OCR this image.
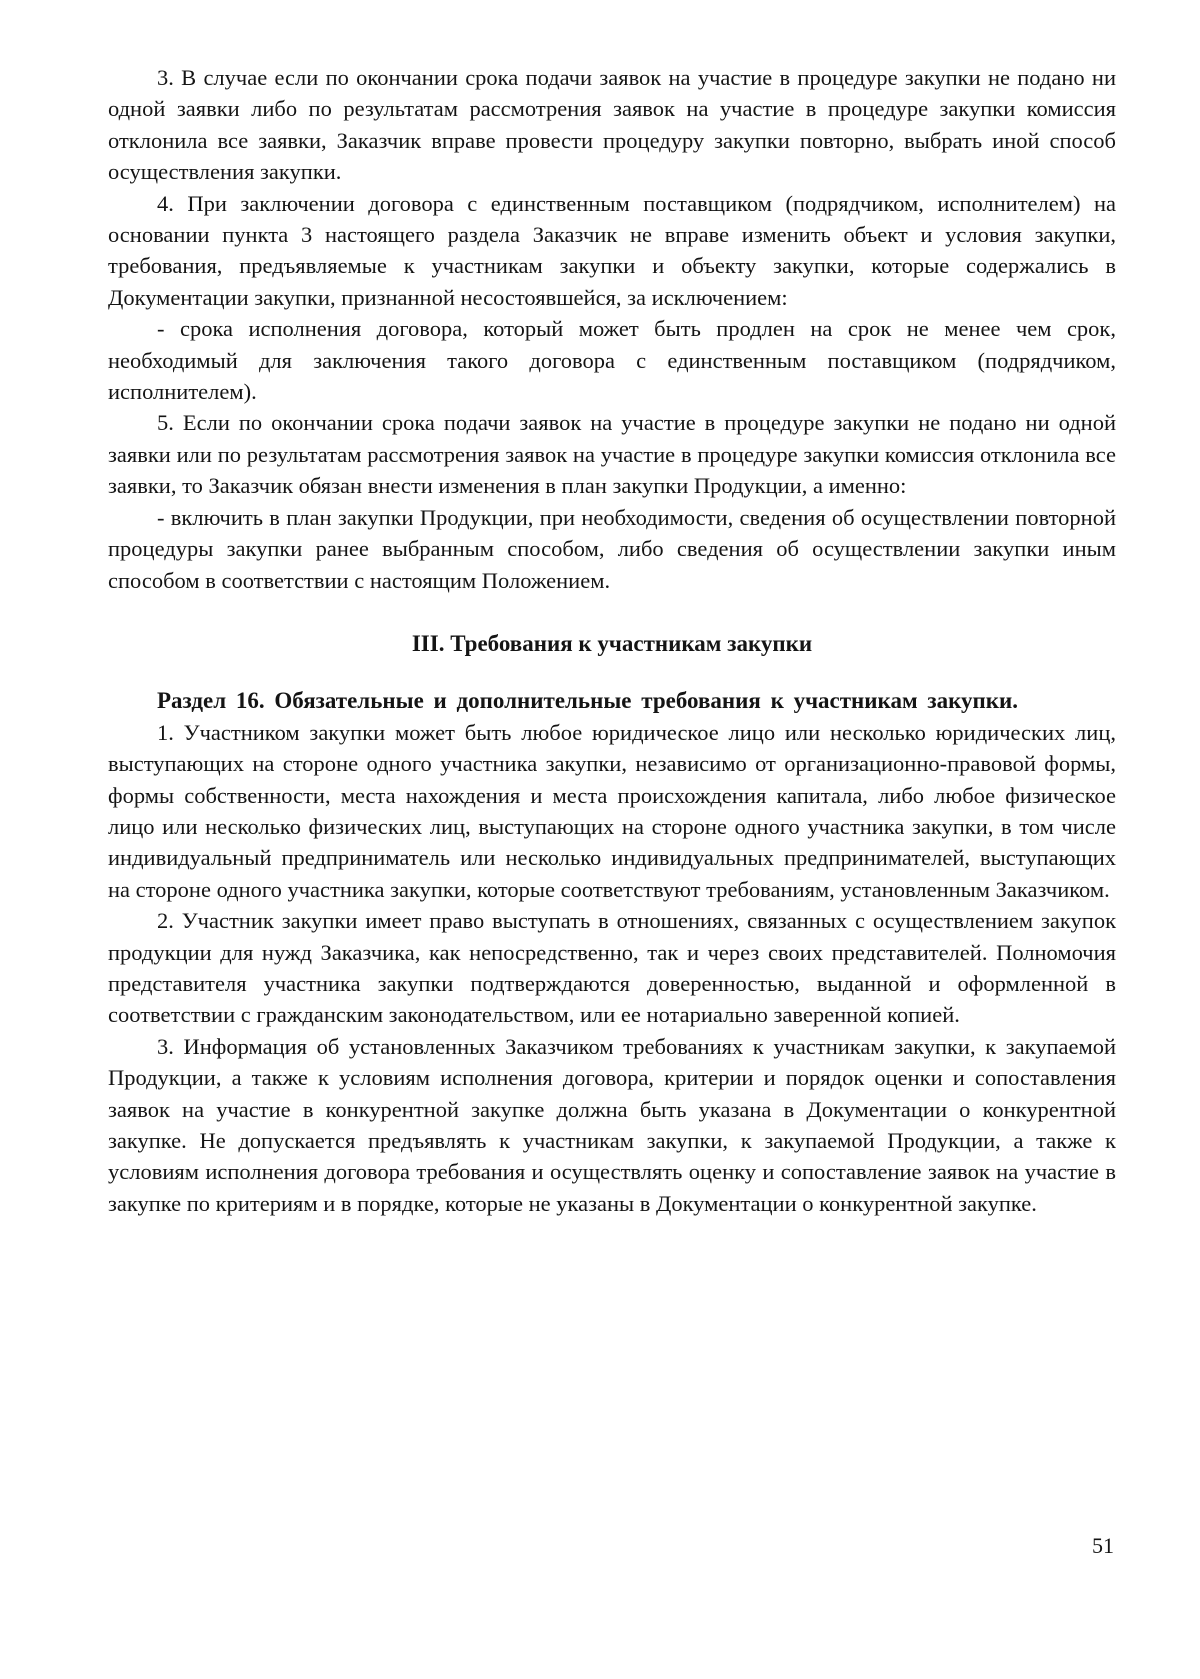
3. В случае если по окончании срока подачи заявок на участие в процедуре закупки не подано ни одной заявки либо по результатам рассмотрения заявок на участие в процедуре закупки комиссия отклонила все заявки, Заказчик вправе провести процедуру закупки повторно, выбрать иной способ осуществления закупки.

4. При заключении договора с единственным поставщиком (подрядчиком, исполнителем) на основании пункта 3 настоящего раздела Заказчик не вправе изменить объект и условия закупки, требования, предъявляемые к участникам закупки и объекту закупки, которые содержались в Документации закупки, признанной несостоявшейся, за исключением:

- срока исполнения договора, который может быть продлен на срок не менее чем срок, необходимый для заключения такого договора с единственным поставщиком (подрядчиком, исполнителем).

5. Если по окончании срока подачи заявок на участие в процедуре закупки не подано ни одной заявки или по результатам рассмотрения заявок на участие в процедуре закупки комиссия отклонила все заявки, то Заказчик обязан внести изменения в план закупки Продукции, а именно:

- включить в план закупки Продукции, при необходимости, сведения об осуществлении повторной процедуры закупки ранее выбранным способом, либо сведения об осуществлении закупки иным способом в соответствии с настоящим Положением.

III. Требования к участникам закупки
Раздел 16. Обязательные и дополнительные требования к участникам закупки.

1. Участником закупки может быть любое юридическое лицо или несколько юридических лиц, выступающих на стороне одного участника закупки, независимо от организационно-правовой формы, формы собственности, места нахождения и места происхождения капитала, либо любое физическое лицо или несколько физических лиц, выступающих на стороне одного участника закупки, в том числе индивидуальный предприниматель или несколько индивидуальных предпринимателей, выступающих на стороне одного участника закупки, которые соответствуют требованиям, установленным Заказчиком.

2. Участник закупки имеет право выступать в отношениях, связанных с осуществлением закупок продукции для нужд Заказчика, как непосредственно, так и через своих представителей. Полномочия представителя участника закупки подтверждаются доверенностью, выданной и оформленной в соответствии с гражданским законодательством, или ее нотариально заверенной копией.

3. Информация об установленных Заказчиком требованиях к участникам закупки, к закупаемой Продукции, а также к условиям исполнения договора, критерии и порядок оценки и сопоставления заявок на участие в конкурентной закупке должна быть указана в Документации о конкурентной закупке. Не допускается предъявлять к участникам закупки, к закупаемой Продукции, а также к условиям исполнения договора требования и осуществлять оценку и сопоставление заявок на участие в закупке по критериям и в порядке, которые не указаны в Документации о конкурентной закупке.

51
